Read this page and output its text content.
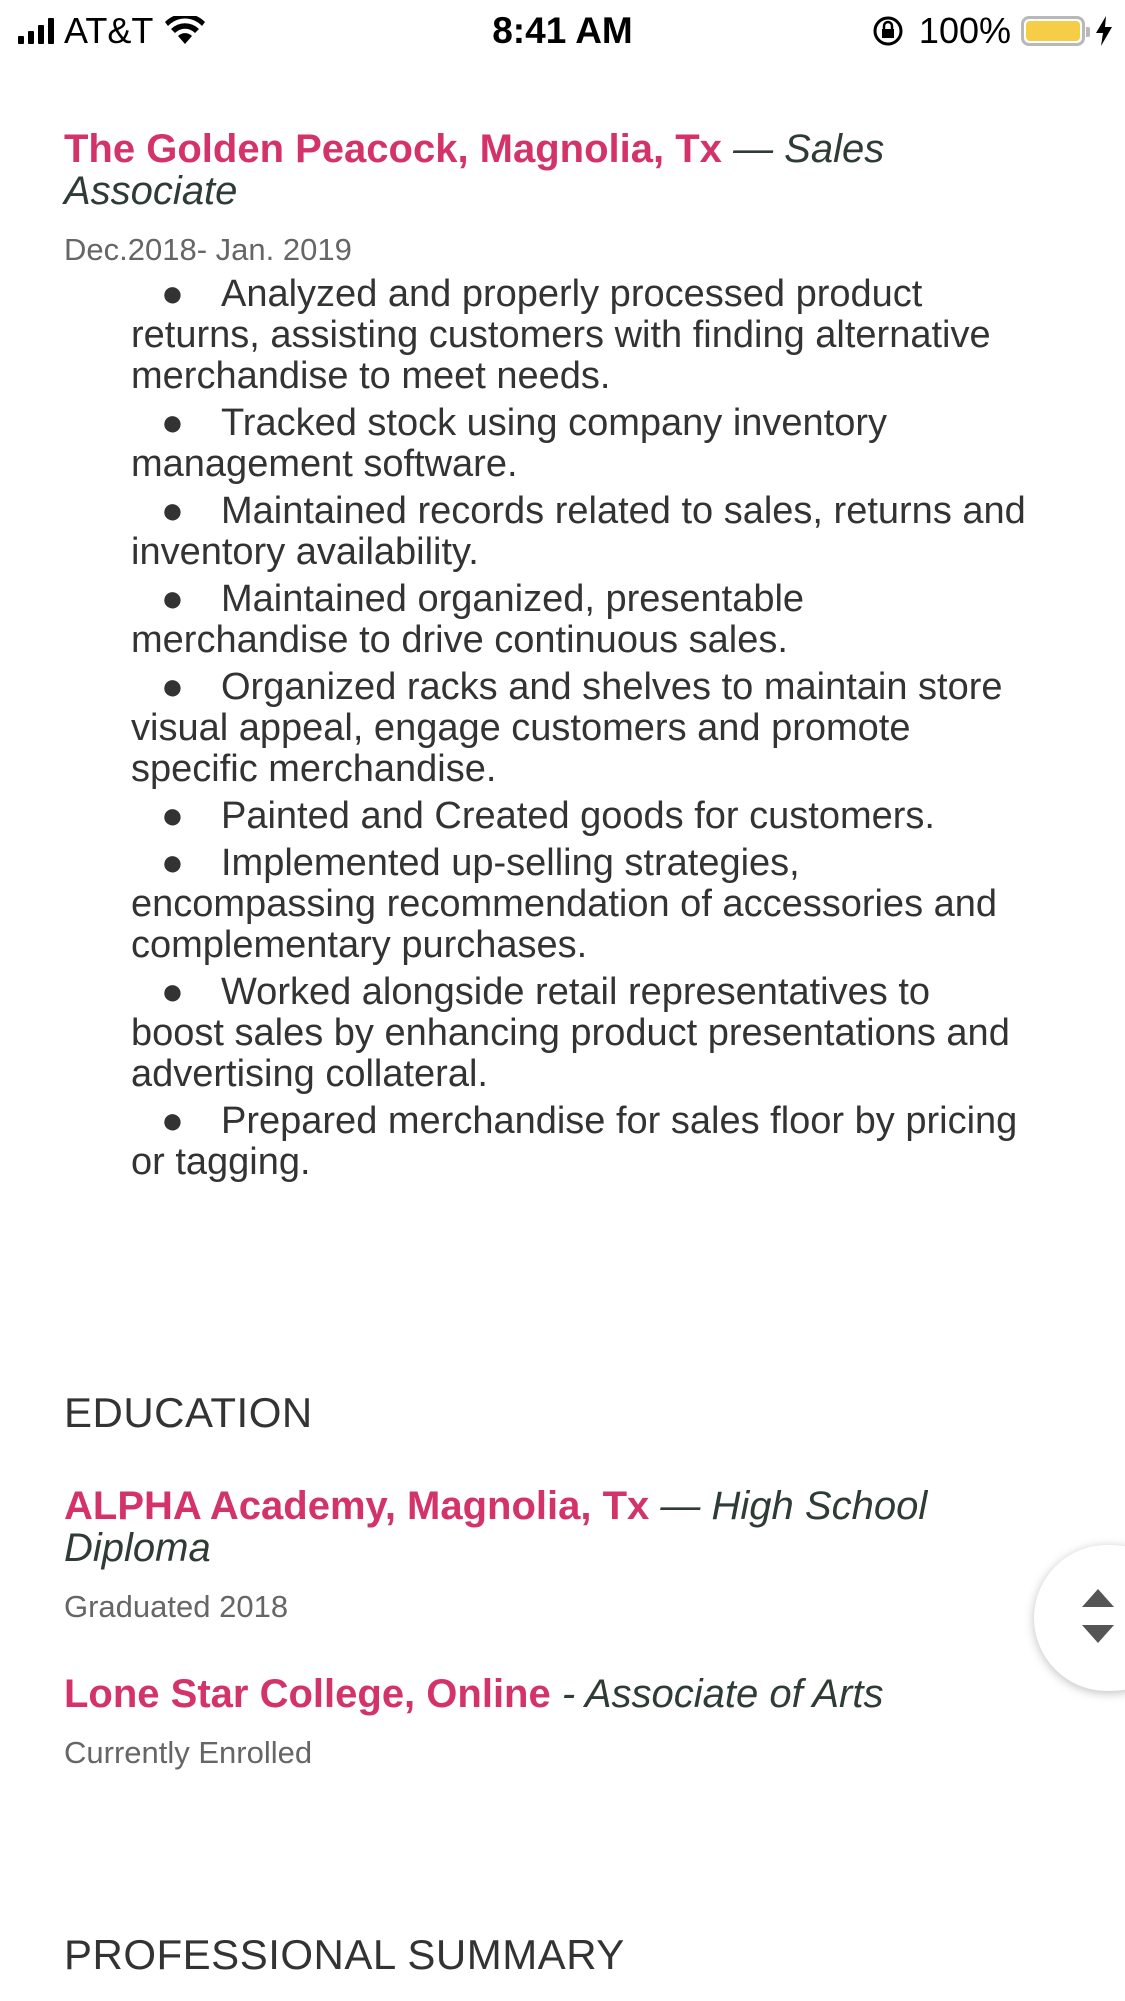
AT&T	8:41 AM	100%
The Golden Peacock, Magnolia, Tx — Sales Associate
Dec.2018- Jan. 2019
● Analyzed and properly processed product returns, assisting customers with finding alternative merchandise to meet needs.
● Tracked stock using company inventory management software.
● Maintained records related to sales, returns and inventory availability.
● Maintained organized, presentable merchandise to drive continuous sales.
● Organized racks and shelves to maintain store visual appeal, engage customers and promote specific merchandise.
● Painted and Created goods for customers.
● Implemented up-selling strategies, encompassing recommendation of accessories and complementary purchases.
● Worked alongside retail representatives to boost sales by enhancing product presentations and advertising collateral.
● Prepared merchandise for sales floor by pricing or tagging.
EDUCATION
ALPHA Academy, Magnolia, Tx — High School Diploma
Graduated 2018
Lone Star College, Online - Associate of Arts
Currently Enrolled
PROFESSIONAL SUMMARY
